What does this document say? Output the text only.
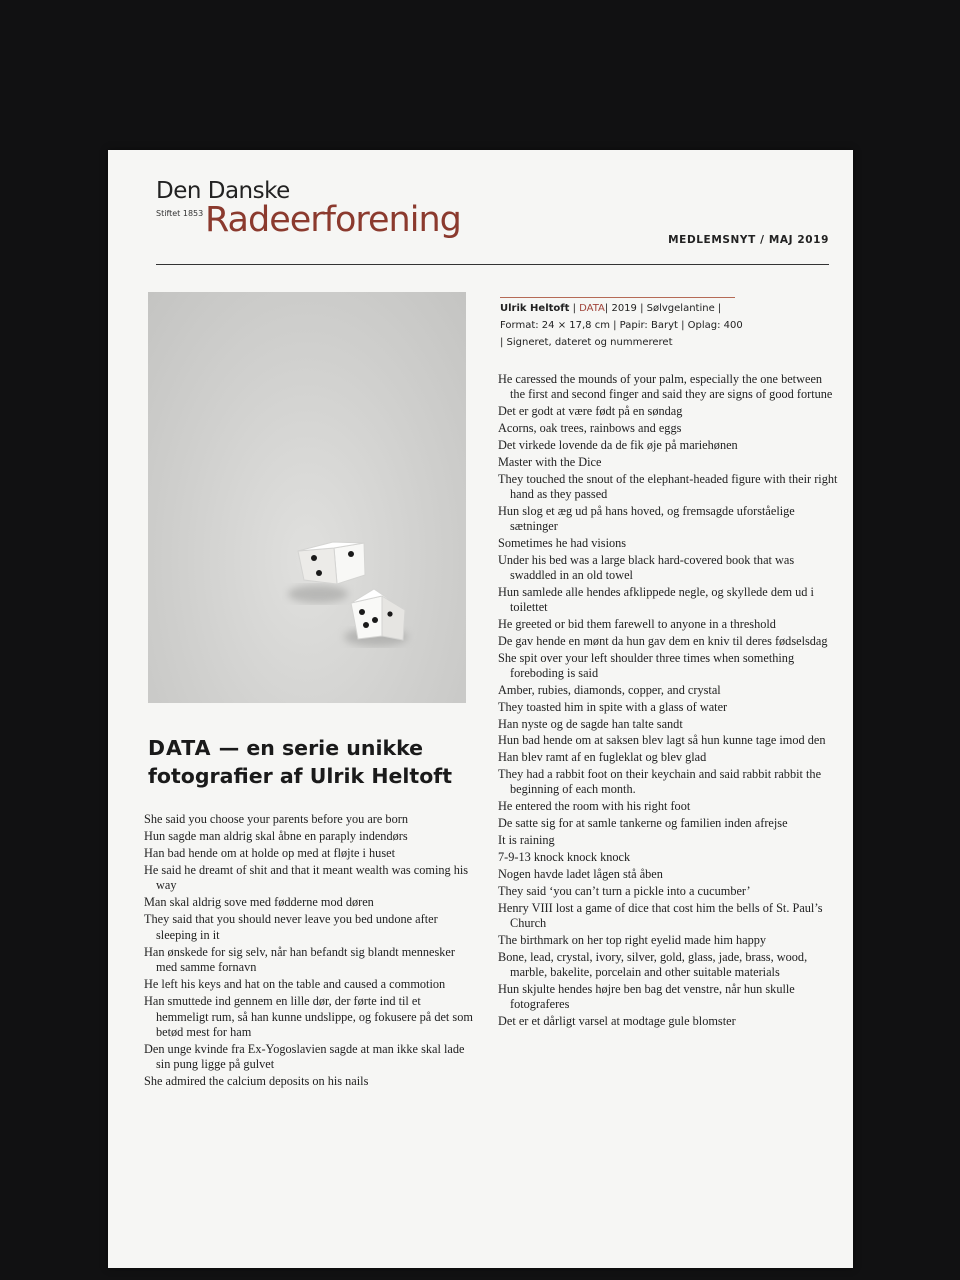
Den Danske
Stiftet 1853 Radeerforening	MEDLEMSNYT / MAJ 2019
DATA — en serie unikke fotografier af Ulrik Heltoft
She said you choose your parents before you are born
Hun sagde man aldrig skal åbne en paraply indendørs
Han bad hende om at holde op med at fløjte i huset
He said he dreamt of shit and that it meant wealth was coming his way
Man skal aldrig sove med fødderne mod døren
They said that you should never leave you bed undone after sleeping in it
Han ønskede for sig selv, når han befandt sig blandt mennesker med samme fornavn
He left his keys and hat on the table and caused a commotion
Han smuttede ind gennem en lille dør, der førte ind til et hemmeligt rum, så han kunne undslippe, og fokusere på det som betød mest for ham
Den unge kvinde fra Ex-Yogoslavien sagde at man ikke skal lade sin pung ligge på gulvet
She admired the calcium deposits on his nails
Ulrik Heltoft | DATA| 2019 | Sølvgelantine |
Format: 24 × 17,8 cm | Papir: Baryt | Oplag: 400
| Signeret, dateret og nummereret
He caressed the mounds of your palm, especially the one between the first and second finger and said they are signs of good fortune
Det er godt at være født på en søndag
Acorns, oak trees, rainbows and eggs
Det virkede lovende da de fik øje på mariehønen
Master with the Dice
They touched the snout of the elephant-headed figure with their right hand as they passed
Hun slog et æg ud på hans hoved, og fremsagde uforståelige sætninger
Sometimes he had visions
Under his bed was a large black hard-covered book that was swaddled in an old towel
Hun samlede alle hendes afklippede negle, og skyllede dem ud i toilettet
He greeted or bid them farewell to anyone in a threshold
De gav hende en mønt da hun gav dem en kniv til deres fødselsdag
She spit over your left shoulder three times when something foreboding is said
Amber, rubies, diamonds, copper, and crystal
They toasted him in spite with a glass of water
Han nyste og de sagde han talte sandt
Hun bad hende om at saksen blev lagt så hun kunne tage imod den
Han blev ramt af en fugleklat og blev glad
They had a rabbit foot on their keychain and said rabbit rabbit the beginning of each month.
He entered the room with his right foot
De satte sig for at samle tankerne og familien inden afrejse
It is raining
7-9-13 knock knock knock
Nogen havde ladet lågen stå åben
They said ‘you can’t turn a pickle into a cucumber’
Henry VIII lost a game of dice that cost him the bells of St. Paul’s Church
The birthmark on her top right eyelid made him happy
Bone, lead, crystal, ivory, silver, gold, glass, jade, brass, wood, marble, bakelite, porcelain and other suitable materials
Hun skjulte hendes højre ben bag det venstre, når hun skulle fotograferes
Det er et dårligt varsel at modtage gule blomster
